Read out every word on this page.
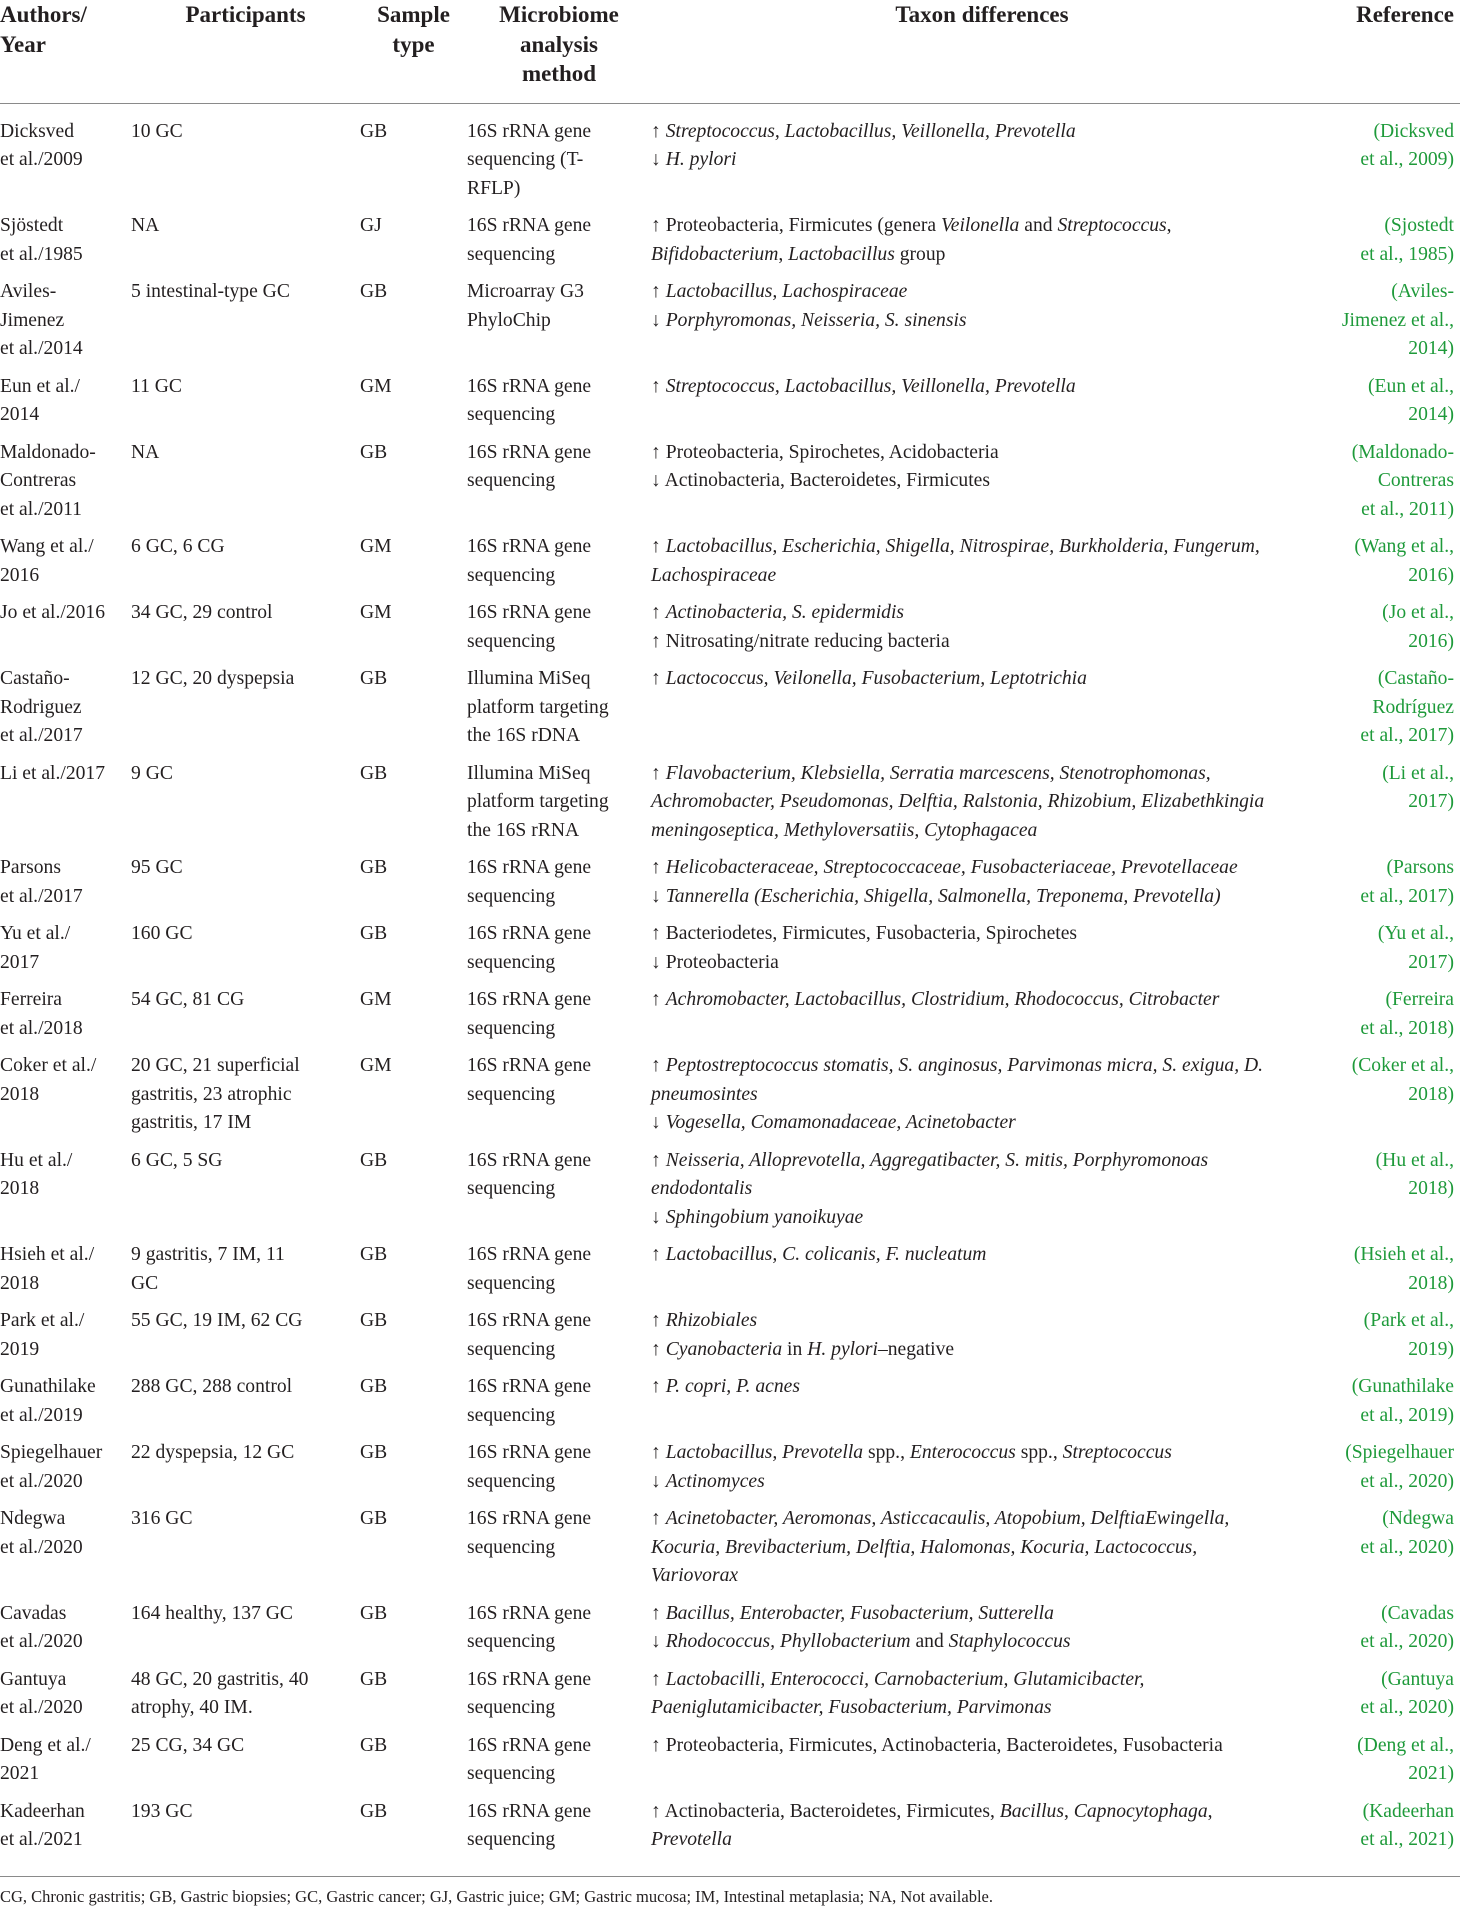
Authors/
Year	Participants	Sample
type	Microbiome
analysis
method	Taxon differences	Reference

Dicksved
et al./2009	10 GC	GB	16S rRNA gene
sequencing (T-
RFLP)	↑ Streptococcus, Lactobacillus, Veillonella, Prevotella
↓ H. pylori	(Dicksved
et al., 2009)

Sjöstedt
et al./1985	NA	GJ	16S rRNA gene
sequencing	↑ Proteobacteria, Firmicutes (genera Veilonella and Streptococcus,
Bifidobacterium, Lactobacillus group	(Sjostedt
et al., 1985)

Aviles-
Jimenez
et al./2014	5 intestinal-type GC	GB	Microarray G3
PhyloChip	↑ Lactobacillus, Lachospiraceae
↓ Porphyromonas, Neisseria, S. sinensis	(Aviles-
Jimenez et al.,
2014)

Eun et al./
2014	11 GC	GM	16S rRNA gene
sequencing	↑ Streptococcus, Lactobacillus, Veillonella, Prevotella	(Eun et al.,
2014)

Maldonado-
Contreras
et al./2011	NA	GB	16S rRNA gene
sequencing	↑ Proteobacteria, Spirochetes, Acidobacteria
↓ Actinobacteria, Bacteroidetes, Firmicutes	(Maldonado-
Contreras
et al., 2011)

Wang et al./
2016	6 GC, 6 CG	GM	16S rRNA gene
sequencing	↑ Lactobacillus, Escherichia, Shigella, Nitrospirae, Burkholderia, Fungerum,
Lachospiraceae	(Wang et al.,
2016)

Jo et al./2016	34 GC, 29 control	GM	16S rRNA gene
sequencing	↑ Actinobacteria, S. epidermidis
↑ Nitrosating/nitrate reducing bacteria	(Jo et al.,
2016)

Castaño-
Rodriguez
et al./2017	12 GC, 20 dyspepsia	GB	Illumina MiSeq
platform targeting
the 16S rDNA	↑ Lactococcus, Veilonella, Fusobacterium, Leptotrichia	(Castaño-
Rodríguez
et al., 2017)

Li et al./2017	9 GC	GB	Illumina MiSeq
platform targeting
the 16S rRNA	↑ Flavobacterium, Klebsiella, Serratia marcescens, Stenotrophomonas,
Achromobacter, Pseudomonas, Delftia, Ralstonia, Rhizobium, Elizabethkingia
meningoseptica, Methyloversatiis, Cytophagacea	(Li et al.,
2017)

Parsons
et al./2017	95 GC	GB	16S rRNA gene
sequencing	↑ Helicobacteraceae, Streptococcaceae, Fusobacteriaceae, Prevotellaceae
↓ Tannerella (Escherichia, Shigella, Salmonella, Treponema, Prevotella)	(Parsons
et al., 2017)

Yu et al./
2017	160 GC	GB	16S rRNA gene
sequencing	↑ Bacteriodetes, Firmicutes, Fusobacteria, Spirochetes
↓ Proteobacteria	(Yu et al.,
2017)

Ferreira
et al./2018	54 GC, 81 CG	GM	16S rRNA gene
sequencing	↑ Achromobacter, Lactobacillus, Clostridium, Rhodococcus, Citrobacter	(Ferreira
et al., 2018)

Coker et al./
2018	20 GC, 21 superficial
gastritis, 23 atrophic
gastritis, 17 IM	GM	16S rRNA gene
sequencing	↑ Peptostreptococcus stomatis, S. anginosus, Parvimonas micra, S. exigua, D.
pneumosintes
↓ Vogesella, Comamonadaceae, Acinetobacter	(Coker et al.,
2018)

Hu et al./
2018	6 GC, 5 SG	GB	16S rRNA gene
sequencing	↑ Neisseria, Alloprevotella, Aggregatibacter, S. mitis, Porphyromonoas
endodontalis
↓ Sphingobium yanoikuyae	(Hu et al.,
2018)

Hsieh et al./
2018	9 gastritis, 7 IM, 11
GC	GB	16S rRNA gene
sequencing	↑ Lactobacillus, C. colicanis, F. nucleatum	(Hsieh et al.,
2018)

Park et al./
2019	55 GC, 19 IM, 62 CG	GB	16S rRNA gene
sequencing	↑ Rhizobiales
↑ Cyanobacteria in H. pylori–negative	(Park et al.,
2019)

Gunathilake
et al./2019	288 GC, 288 control	GB	16S rRNA gene
sequencing	↑ P. copri, P. acnes	(Gunathilake
et al., 2019)

Spiegelhauer
et al./2020	22 dyspepsia, 12 GC	GB	16S rRNA gene
sequencing	↑ Lactobacillus, Prevotella spp., Enterococcus spp., Streptococcus
↓ Actinomyces	(Spiegelhauer
et al., 2020)

Ndegwa
et al./2020	316 GC	GB	16S rRNA gene
sequencing	↑ Acinetobacter, Aeromonas, Asticcacaulis, Atopobium, DelftiaEwingella,
Kocuria, Brevibacterium, Delftia, Halomonas, Kocuria, Lactococcus,
Variovorax	(Ndegwa
et al., 2020)

Cavadas
et al./2020	164 healthy, 137 GC	GB	16S rRNA gene
sequencing	↑ Bacillus, Enterobacter, Fusobacterium, Sutterella
↓ Rhodococcus, Phyllobacterium and Staphylococcus	(Cavadas
et al., 2020)

Gantuya
et al./2020	48 GC, 20 gastritis, 40
atrophy, 40 IM.	GB	16S rRNA gene
sequencing	↑ Lactobacilli, Enterococci, Carnobacterium, Glutamicibacter,
Paeniglutamicibacter, Fusobacterium, Parvimonas	(Gantuya
et al., 2020)

Deng et al./
2021	25 CG, 34 GC	GB	16S rRNA gene
sequencing	↑ Proteobacteria, Firmicutes, Actinobacteria, Bacteroidetes, Fusobacteria	(Deng et al.,
2021)

Kadeerhan
et al./2021	193 GC	GB	16S rRNA gene
sequencing	↑ Actinobacteria, Bacteroidetes, Firmicutes, Bacillus, Capnocytophaga,
Prevotella	(Kadeerhan
et al., 2021)
CG, Chronic gastritis; GB, Gastric biopsies; GC, Gastric cancer; GJ, Gastric juice; GM; Gastric mucosa; IM, Intestinal metaplasia; NA, Not available.
